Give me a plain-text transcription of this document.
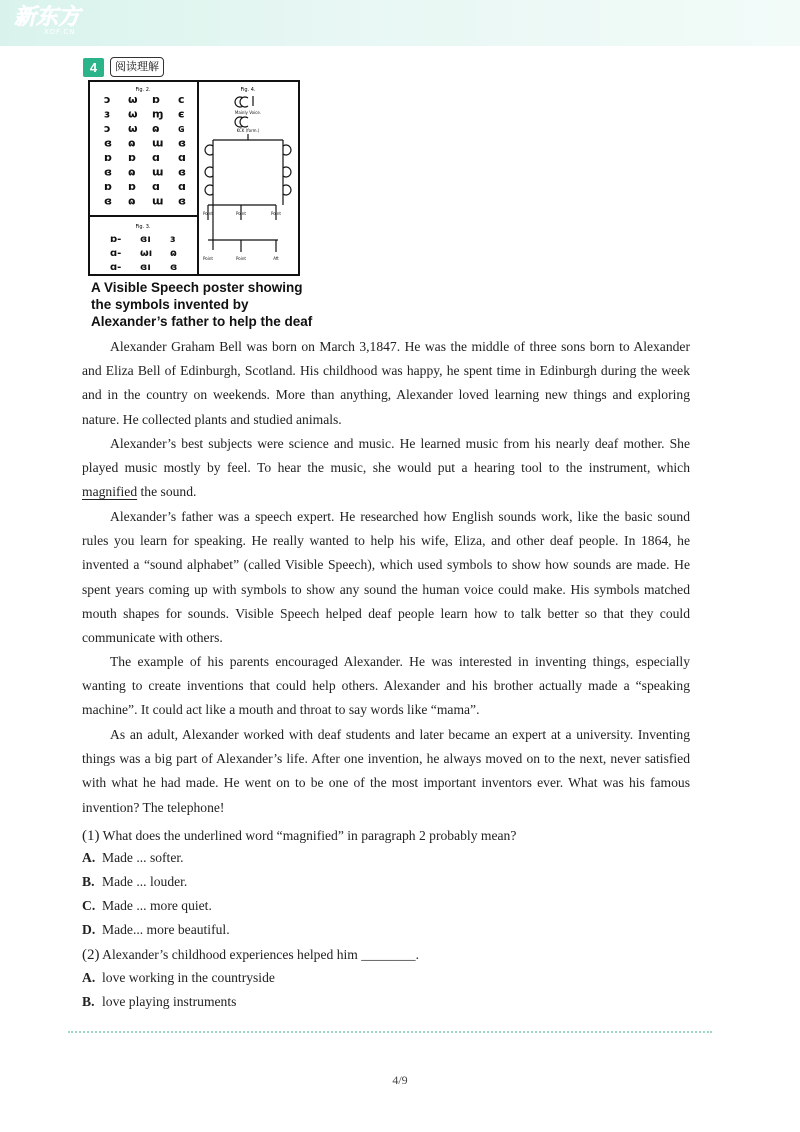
新东方
XDF.CN
4	阅读理解
Fig. 2.	Fig. 4.
Fig. 3.
ɔ ω ɒ c
ɜ ω ɱ є
ɔ ω ɷ ɢ
ɞ ɷ ɯ ɞ
ɒ ɒ ɑ ɑ
ɞ ɷ ɯ ɞ
ɒ ɒ ɑ ɑ
ɞ ɷ ɯ ɞ
ɒ- ɞı ɜ
ɑ- ωı ɷ
ɑ- ɞı ɞ
Mainly Voice.
KCK (form.)
Point	Point	Point
Point	Point	Aft
A Visible Speech poster showing the symbols invented by Alexander’s father to help the deaf

Alexander Graham Bell was born on March 3,1847. He was the middle of three sons born to Alexander and Eliza Bell of Edinburgh, Scotland. His childhood was happy, he spent time in Edinburgh during the week and in the country on weekends. More than anything, Alexander loved learning new things and exploring nature. He collected plants and studied animals.

Alexander’s best subjects were science and music. He learned music from his nearly deaf mother. She played music mostly by feel. To hear the music, she would put a hearing tool to the instrument, which magnified the sound.

Alexander’s father was a speech expert. He researched how English sounds work, like the basic sound rules you learn for speaking. He really wanted to help his wife, Eliza, and other deaf people. In 1864, he invented a “sound alphabet” (called Visible Speech), which used symbols to show how sounds are made. He spent years coming up with symbols to show any sound the human voice could make. His symbols matched mouth shapes for sounds. Visible Speech helped deaf people learn how to talk better so that they could communicate with others.

The example of his parents encouraged Alexander. He was interested in inventing things, especially wanting to create inventions that could help others. Alexander and his brother actually made a “speaking machine”. It could act like a mouth and throat to say words like “mama”.

As an adult, Alexander worked with deaf students and later became an expert at a university. Inventing things was a big part of Alexander’s life. After one invention, he always moved on to the next, never satisfied with what he had made. He went on to be one of the most important inventors ever. What was his famous invention? The telephone!

(1) What does the underlined word “magnified” in paragraph 2 probably mean?
A. Made ... softer.
B. Made ... louder.
C. Made ... more quiet.
D. Made... more beautiful.
(2) Alexander’s childhood experiences helped him ________.
A. love working in the countryside
B. love playing instruments
4/9
